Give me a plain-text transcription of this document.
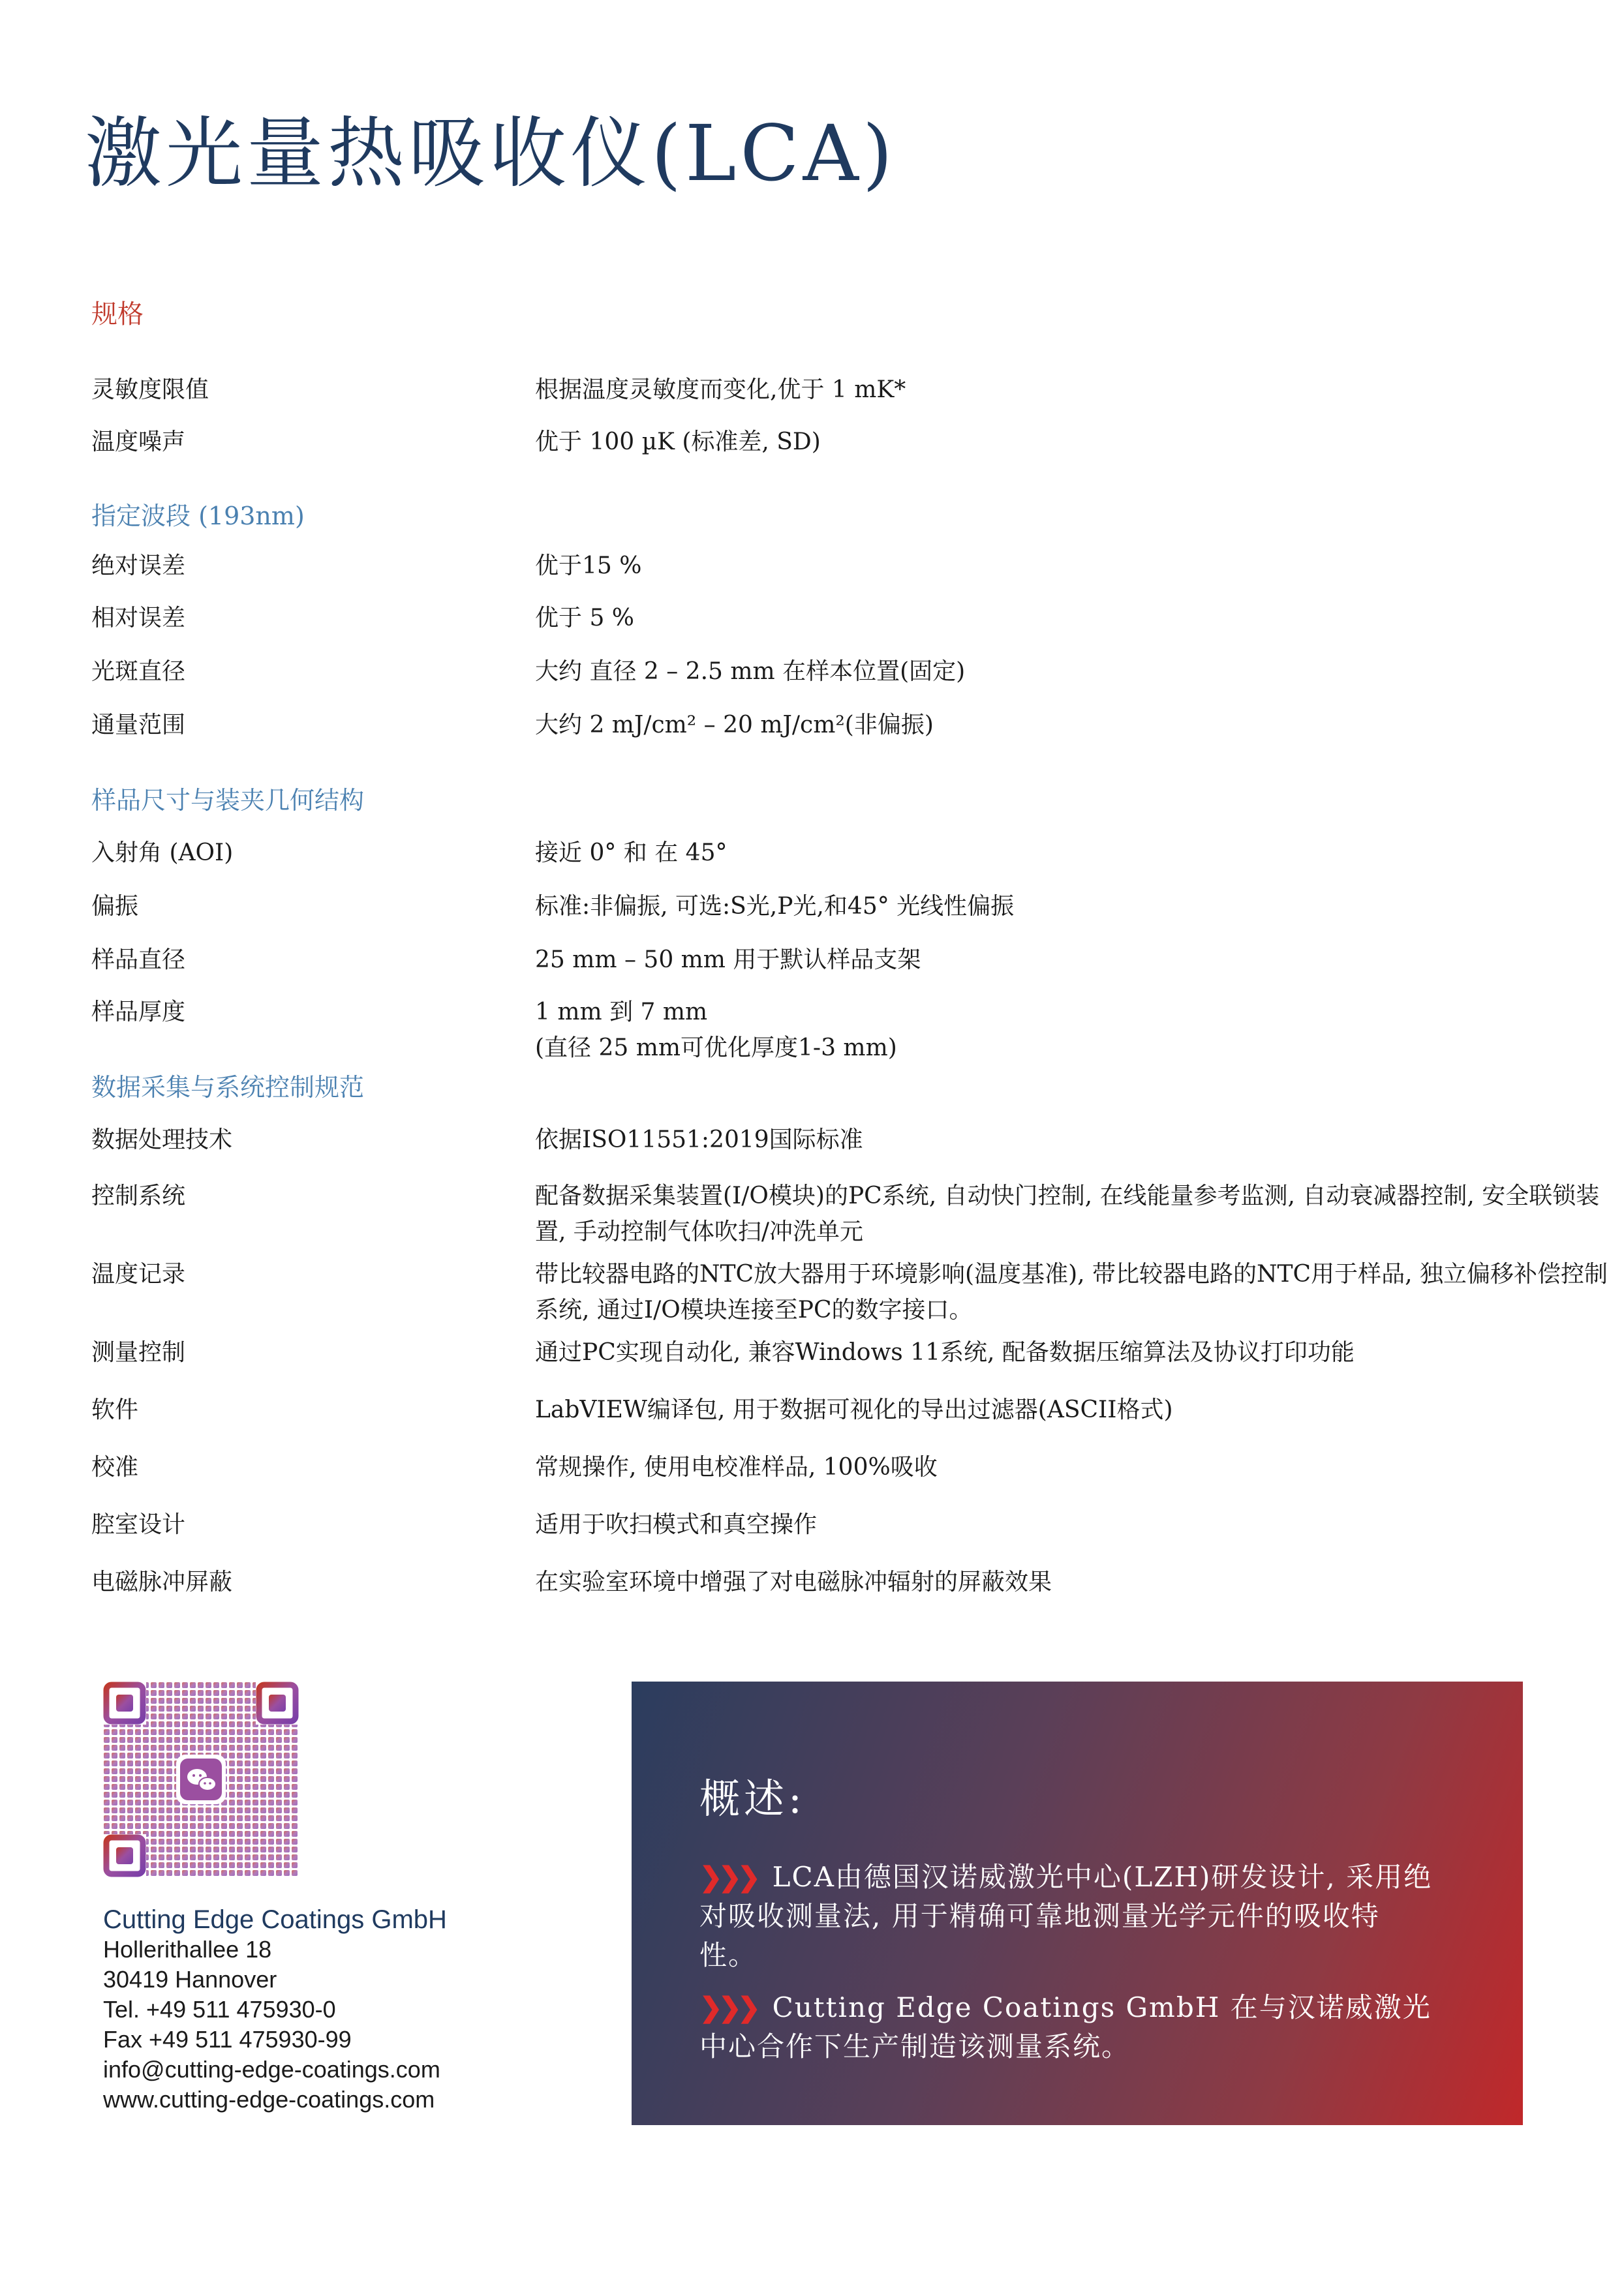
激光量热吸收仪(LCA)
规格
灵敏度限值	根据温度灵敏度而变化,优于 1 mK*
温度噪声	优于 100 µK (标准差, SD)
指定波段 (193nm)
绝对误差	优于15 %
相对误差	优于 5 %
光斑直径	大约 直径 2 – 2.5 mm 在样本位置(固定)
通量范围	大约 2 mJ/cm² – 20 mJ/cm²(非偏振)
样品尺寸与装夹几何结构
入射角 (AOI)	接近 0° 和 在 45°
偏振	标准:非偏振, 可选:S光,P光,和45° 光线性偏振
样品直径	25 mm – 50 mm 用于默认样品支架
样品厚度	1 mm 到 7 mm
(直径 25 mm可优化厚度1-3 mm)
数据采集与系统控制规范
数据处理技术	依据ISO11551:2019国际标准
控制系统	配备数据采集装置(I/O模块)的PC系统, 自动快门控制, 在线能量参考监测, 自动衰减器控制, 安全联锁装置, 手动控制气体吹扫/冲洗单元
温度记录	带比较器电路的NTC放大器用于环境影响(温度基准), 带比较器电路的NTC用于样品, 独立偏移补偿控制系统, 通过I/O模块连接至PC的数字接口。
测量控制	通过PC实现自动化, 兼容Windows 11系统, 配备数据压缩算法及协议打印功能
软件	LabVIEW编译包, 用于数据可视化的导出过滤器(ASCII格式)
校准	常规操作, 使用电校准样品, 100%吸收
腔室设计	适用于吹扫模式和真空操作
电磁脉冲屏蔽	在实验室环境中增强了对电磁脉冲辐射的屏蔽效果
Cutting Edge Coatings GmbH
Hollerithallee 18
30419 Hannover
Tel. +49 511 475930-0
Fax +49 511 475930-99
info@cutting-edge-coatings.com
www.cutting-edge-coatings.com
概述:
❯❯❯ LCA由德国汉诺威激光中心(LZH)研发设计, 采用绝对吸收测量法, 用于精确可靠地测量光学元件的吸收特性。
❯❯❯ Cutting Edge Coatings GmbH 在与汉诺威激光中心合作下生产制造该测量系统。
